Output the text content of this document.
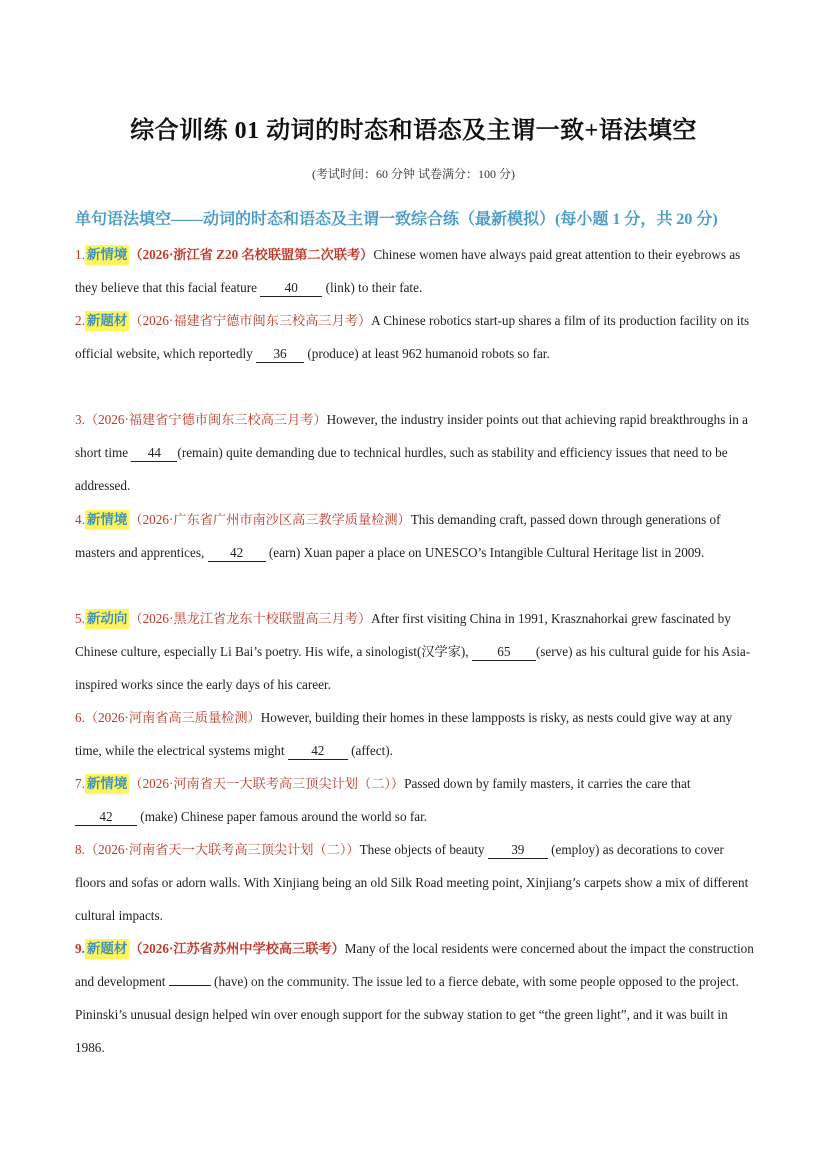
综合训练 01 动词的时态和语态及主谓一致+语法填空
(考试时间：60 分钟 试卷满分：100 分)
单句语法填空——动词的时态和语态及主谓一致综合练（最新模拟）(每小题 1 分，共 20 分)
1. 新情境 （2026·浙江省 Z20 名校联盟第二次联考）Chinese women have always paid great attention to their eyebrows as they believe that this facial feature 40 (link) to their fate.
2. 新题材 （2026·福建省宁德市闽东三校高三月考）A Chinese robotics start-up shares a film of its production facility on its official website, which reportedly 36 (produce) at least 962 humanoid robots so far.
3.（2026·福建省宁德市闽东三校高三月考）However, the industry insider points out that achieving rapid breakthroughs in a short time 44 (remain) quite demanding due to technical hurdles, such as stability and efficiency issues that need to be addressed.
4. 新情境 （2026·广东省广州市南沙区高三教学质量检测）This demanding craft, passed down through generations of masters and apprentices, 42 (earn) Xuan paper a place on UNESCO’s Intangible Cultural Heritage list in 2009.
5. 新动向 （2026·黑龙江省龙东十校联盟高三月考）After first visiting China in 1991, Krasznahorkai grew fascinated by Chinese culture, especially Li Bai’s poetry. His wife, a sinologist(汉学家), 65 (serve) as his cultural guide for his Asia-inspired works since the early days of his career.
6.（2026·河南省高三质量检测）However, building their homes in these lampposts is risky, as nests could give way at any time, while the electrical systems might 42 (affect).
7. 新情境 （2026·河南省天一大联考高三顶尖计划（二））Passed down by family masters, it carries the care that 42 (make) Chinese paper famous around the world so far.
8.（2026·河南省天一大联考高三顶尖计划（二））These objects of beauty 39 (employ) as decorations to cover floors and sofas or adorn walls. With Xinjiang being an old Silk Road meeting point, Xinjiang’s carpets show a mix of different cultural impacts.
9. 新题材 （2026·江苏省苏州中学校高三联考）Many of the local residents were concerned about the impact the construction and development	(have) on the community. The issue led to a fierce debate, with some people opposed to the project. Pininski’s unusual design helped win over enough support for the subway station to get “the green light”, and it was built in 1986.
